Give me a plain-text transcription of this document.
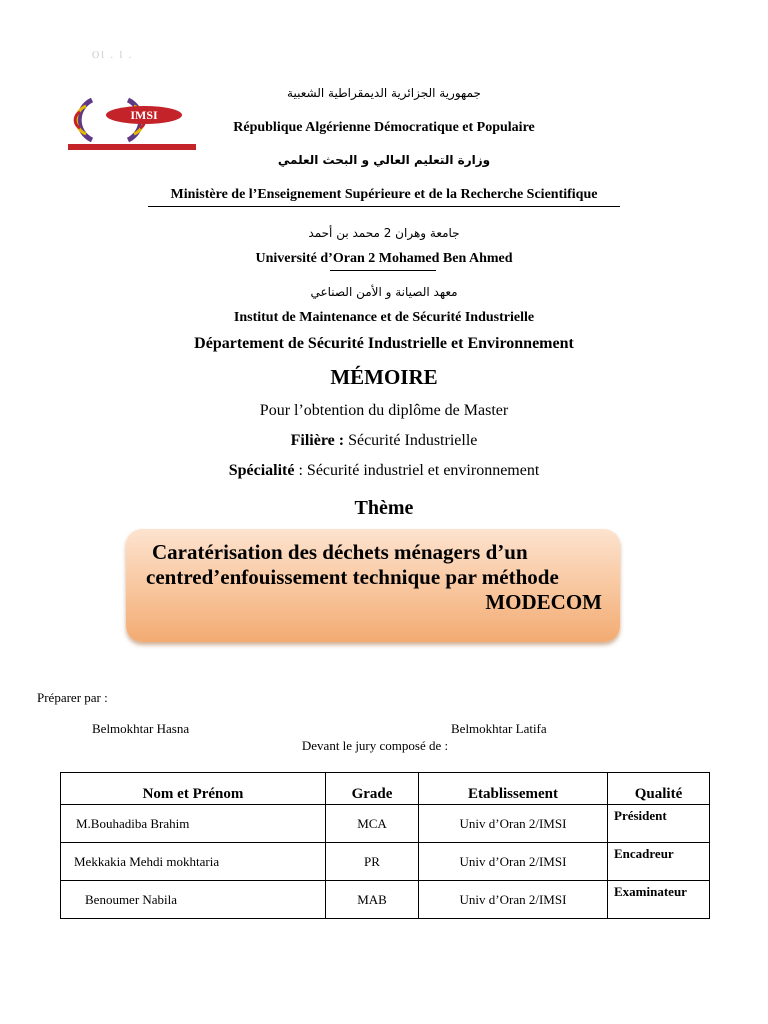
Ol . l .
IMSI
جمهورية الجزائرية الديمقراطية الشعبية
République Algérienne Démocratique et Populaire
وزارة التعليم العالي و البحث العلمي
Ministère de l’Enseignement Supérieure et de la Recherche Scientifique
جامعة وهران 2 محمد بن أحمد
Université d’Oran 2 Mohamed Ben Ahmed
معهد الصيانة و الأمن الصناعي
Institut de Maintenance et de Sécurité Industrielle
Département de Sécurité Industrielle et Environnement
MÉMOIRE
Pour l’obtention du diplôme de Master
Filière : Sécurité Industrielle
Spécialité : Sécurité industriel et environnement
Thème
Caratérisation des déchets ménagers d’un
centred’enfouissement technique par méthode
MODECOM
Préparer par :
Belmokhtar Hasna	Belmokhtar Latifa
Devant le jury composé de :
Nom et Prénom	Grade	Etablissement	Qualité
M.Bouhadiba Brahim	MCA	Univ d’Oran 2/IMSI	Président
Mekkakia Mehdi mokhtaria	PR	Univ d’Oran 2/IMSI	Encadreur
Benoumer Nabila	MAB	Univ d’Oran 2/IMSI	Examinateur
